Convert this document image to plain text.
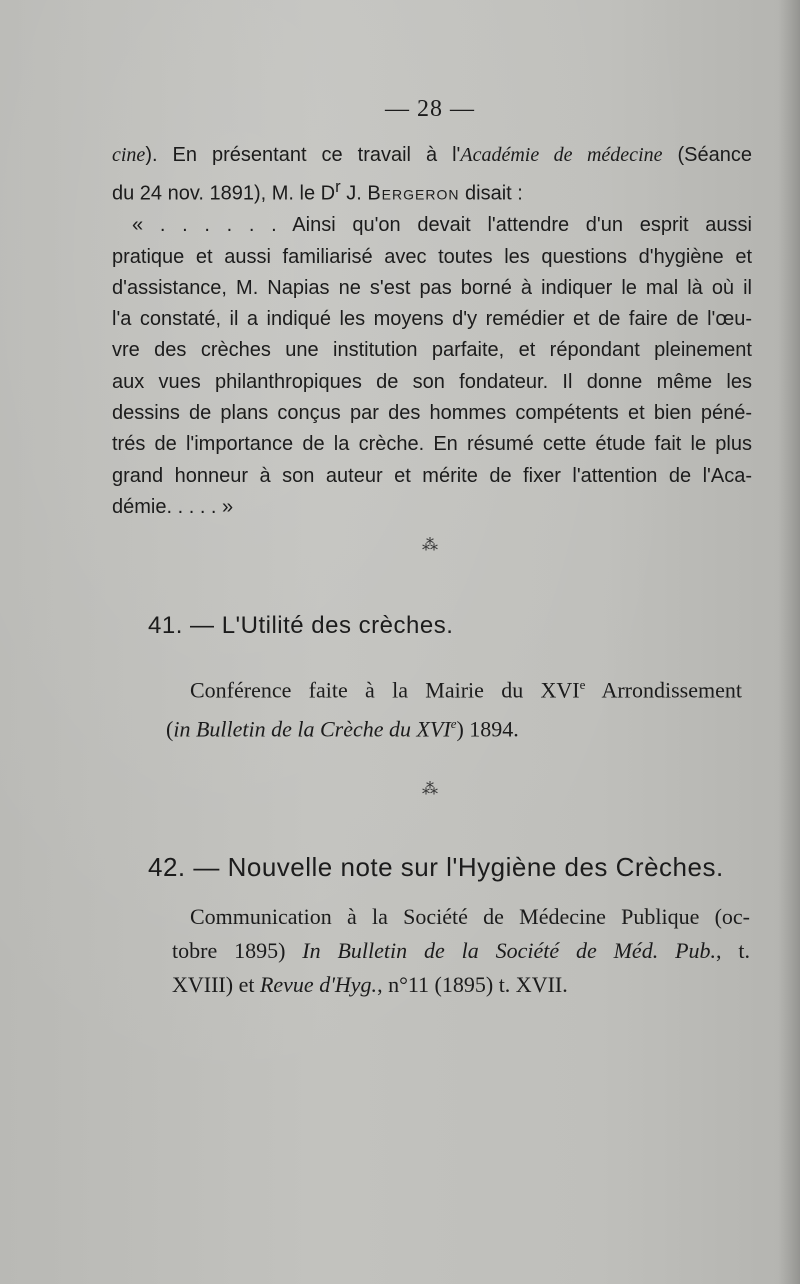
— 28 —
cine). En présentant ce travail à l'Académie de médecine (Séance
du 24 nov. 1891), M. le $D^r$ J. Bergeron disait :
« . . . . . . Ainsi qu'on devait l'attendre d'un esprit aussi
pratique et aussi familiarisé avec toutes les questions d'hygiène et
d'assistance, M. Napias ne s'est pas borné à indiquer le mal là où il
l'a constaté, il a indiqué les moyens d'y remédier et de faire de l'œu-
vre des crèches une institution parfaite, et répondant pleinement
aux vues philanthropiques de son fondateur. Il donne même les
dessins de plans conçus par des hommes compétents et bien péné-
trés de l'importance de la crèche. En résumé cette étude fait le plus
grand honneur à son auteur et mérite de fixer l'attention de l'Aca-
démie. . . . . »
⁂
41. — L'Utilité des crèches.
Conférence faite à la Mairie du XVIe Arrondissement
(in Bulletin de la Crèche du XVIe) 1894.
⁂
42. — Nouvelle note sur l'Hygiène des Crèches.
Communication à la Société de Médecine Publique (oc-
tobre 1895) In Bulletin de la Société de Méd. Pub., t.
XVIII) et Revue d'Hyg., n°11 (1895) t. XVII.
